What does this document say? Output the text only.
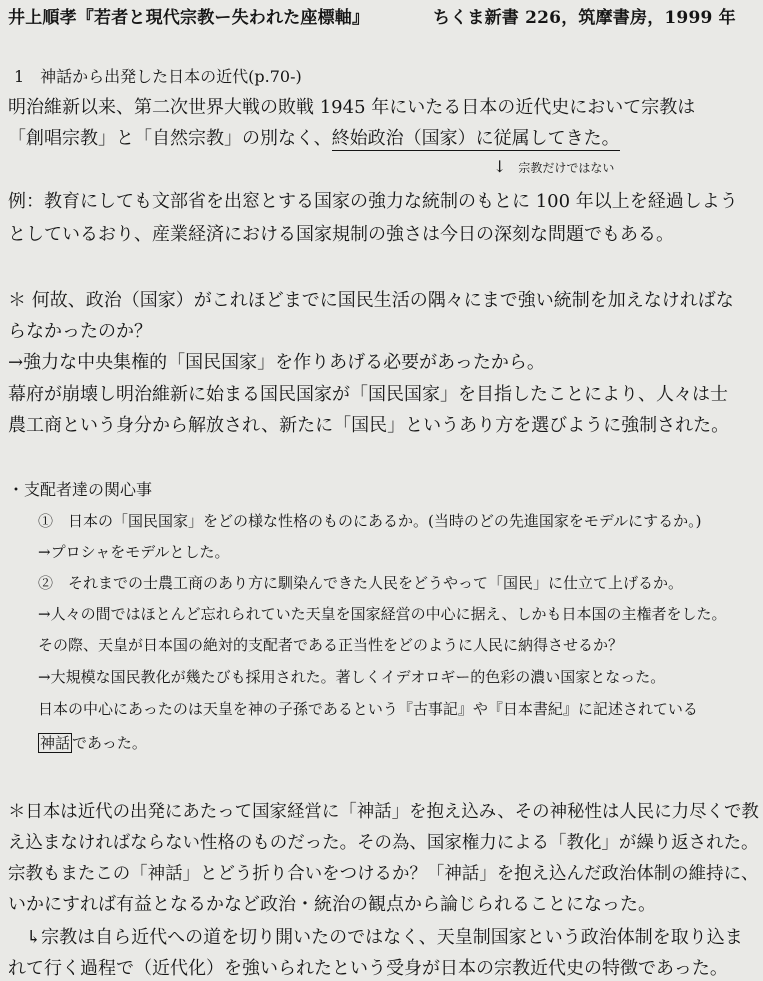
井上順孝『若者と現代宗教ー失われた座標軸』	ちくま新書 226，筑摩書房，1999 年
1　神話から出発した日本の近代(p.70-)
明治維新以来、第二次世界大戦の敗戦 1945 年にいたる日本の近代史において宗教は
「創唱宗教」と「自然宗教」の別なく、終始政治（国家）に従属してきた。
↓ 宗教だけではない
例：教育にしても文部省を出窓とする国家の強力な統制のもとに 100 年以上を経過しよう
としているおり、産業経済における国家規制の強さは今日の深刻な問題でもある。
＊ 何故、政治（国家）がこれほどまでに国民生活の隅々にまで強い統制を加えなければな
らなかったのか？
→強力な中央集権的「国民国家」を作りあげる必要があったから。
幕府が崩壊し明治維新に始まる国民国家が「国民国家」を目指したことにより、人々は士
農工商という身分から解放され、新たに「国民」というあり方を選びように強制された。
・支配者達の関心事
①　日本の「国民国家」をどの様な性格のものにあるか。(当時のどの先進国家をモデルにするか。)
→プロシャをモデルとした。
②　それまでの士農工商のあり方に馴染んできた人民をどうやって「国民」に仕立て上げるか。
→人々の間ではほとんど忘れられていた天皇を国家経営の中心に据え、しかも日本国の主権者をした。
その際、天皇が日本国の絶対的支配者である正当性をどのように人民に納得させるか？
→大規模な国民教化が幾たびも採用された。著しくイデオロギー的色彩の濃い国家となった。
日本の中心にあったのは天皇を神の子孫であるという『古事記』や『日本書紀』に記述されている
神話 であった。
＊日本は近代の出発にあたって国家経営に「神話」を抱え込み、その神秘性は人民に力尽くで教
え込まなければならない性格のものだった。その為、国家権力による「教化」が繰り返された。
宗教もまたこの「神話」とどう折り合いをつけるか？「神話」を抱え込んだ政治体制の維持に、
いかにすれば有益となるかなど政治・統治の観点から論じられることになった。
　↳宗教は自ら近代への道を切り開いたのではなく、天皇制国家という政治体制を取り込ま
れて行く過程で（近代化）を強いられたという受身が日本の宗教近代史の特徴であった。
